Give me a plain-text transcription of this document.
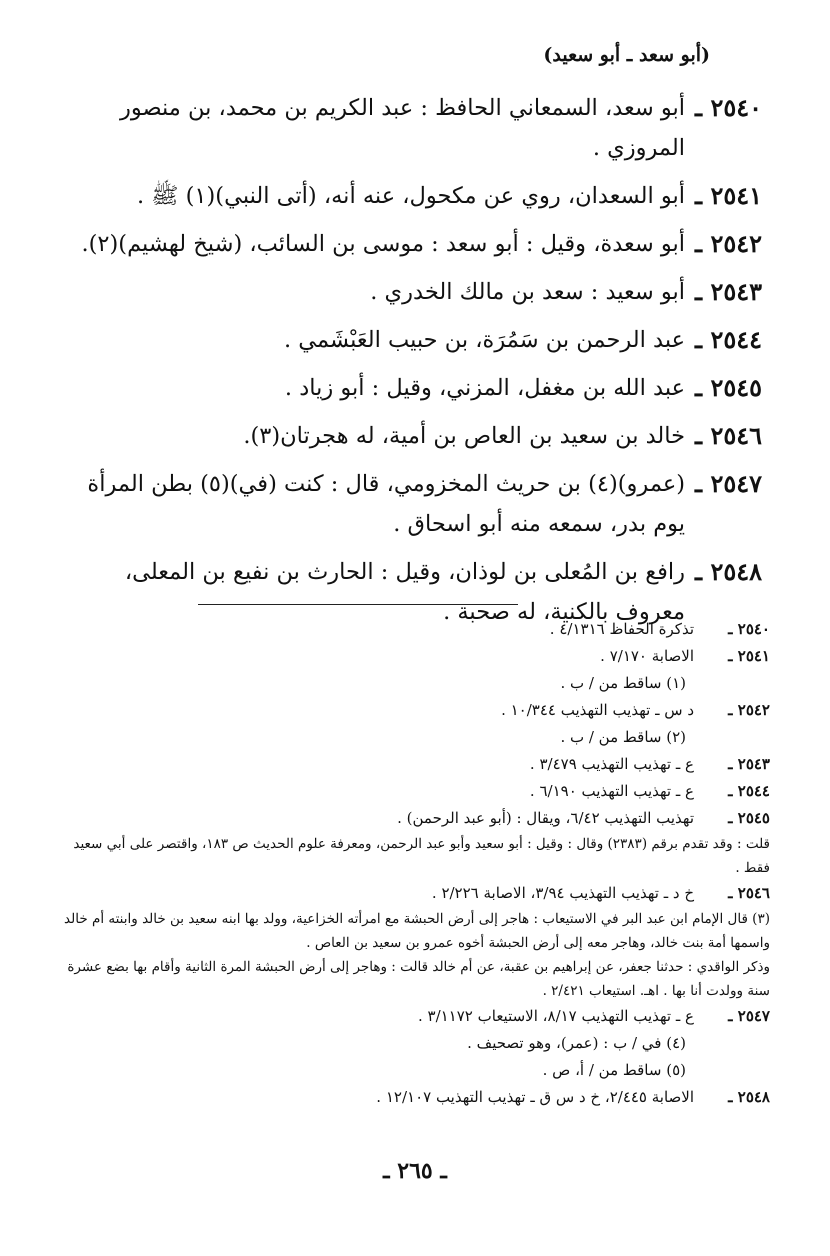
(أبو سعد ـ أبو سعيد)
٢٥٤٠ ـ
أبو سعد، السمعاني الحافظ : عبد الكريم بن محمد، بن منصور المروزي .
٢٥٤١ ـ
أبو السعدان، روي عن مكحول، عنه أنه، (أتى النبي)(١) ﷺ .
٢٥٤٢ ـ
أبو سعدة، وقيل : أبو سعد : موسى بن السائب، (شيخ لهشيم)(٢).
٢٥٤٣ ـ
أبو سعيد : سعد بن مالك الخدري .
٢٥٤٤ ـ
عبد الرحمن بن سَمُرَة، بن حبيب العَبْشَمي .
٢٥٤٥ ـ
عبد الله بن مغفل، المزني، وقيل : أبو زياد .
٢٥٤٦ ـ
خالد بن سعيد بن العاص بن أمية، له هجرتان(٣).
٢٥٤٧ ـ
(عمرو)(٤) بن حريث المخزومي، قال : كنت (في)(٥) بطن المرأة يوم بدر، سمعه منه أبو اسحاق .
٢٥٤٨ ـ
رافع بن المُعلى بن لوذان، وقيل : الحارث بن نفيع بن المعلى، معروف بالكنية، له صحبة .
٢٥٤٠ ـ
تذكرة الحفاظ ٤/١٣١٦ .
٢٥٤١ ـ
الاصابة ٧/١٧٠ .
(١) ساقط من / ب .
٢٥٤٢ ـ
د س ـ تهذيب التهذيب ١٠/٣٤٤ .
(٢) ساقط من / ب .
٢٥٤٣ ـ
ع ـ تهذيب التهذيب ٣/٤٧٩ .
٢٥٤٤ ـ
ع ـ تهذيب التهذيب ٦/١٩٠ .
٢٥٤٥ ـ
تهذيب التهذيب ٦/٤٢، ويقال : (أبو عبد الرحمن) .
قلت : وقد تقدم برقم (٢٣٨٣) وقال : وقيل : أبو سعيد وأبو عبد الرحمن، ومعرفة علوم الحديث ص ١٨٣، واقتصر على أبي سعيد فقط .
٢٥٤٦ ـ
خ د ـ تهذيب التهذيب ٣/٩٤، الاصابة ٢/٢٢٦ .
(٣) قال الإمام ابن عبد البر في الاستيعاب : هاجر إلى أرض الحبشة مع امرأته الخزاعية، وولد بها ابنه سعيد بن خالد وابنته أم خالد واسمها أمة بنت خالد، وهاجر معه إلى أرض الحبشة أخوه عمرو بن سعيد بن العاص .
وذكر الواقدي : حدثنا جعفر، عن إبراهيم بن عقبة، عن أم خالد قالت : وهاجر إلى أرض الحبشة المرة الثانية وأقام بها بضع عشرة سنة وولدت أنا بها . اهـ. استيعاب ٢/٤٢١ .
٢٥٤٧ ـ
ع ـ تهذيب التهذيب ٨/١٧، الاستيعاب ٣/١١٧٢ .
(٤) في / ب : (عمر)، وهو تصحيف .
(٥) ساقط من / أ، ص .
٢٥٤٨ ـ
الاصابة ٢/٤٤٥، خ د س ق ـ تهذيب التهذيب ١٢/١٠٧ .
ـ ٢٦٥ ـ
